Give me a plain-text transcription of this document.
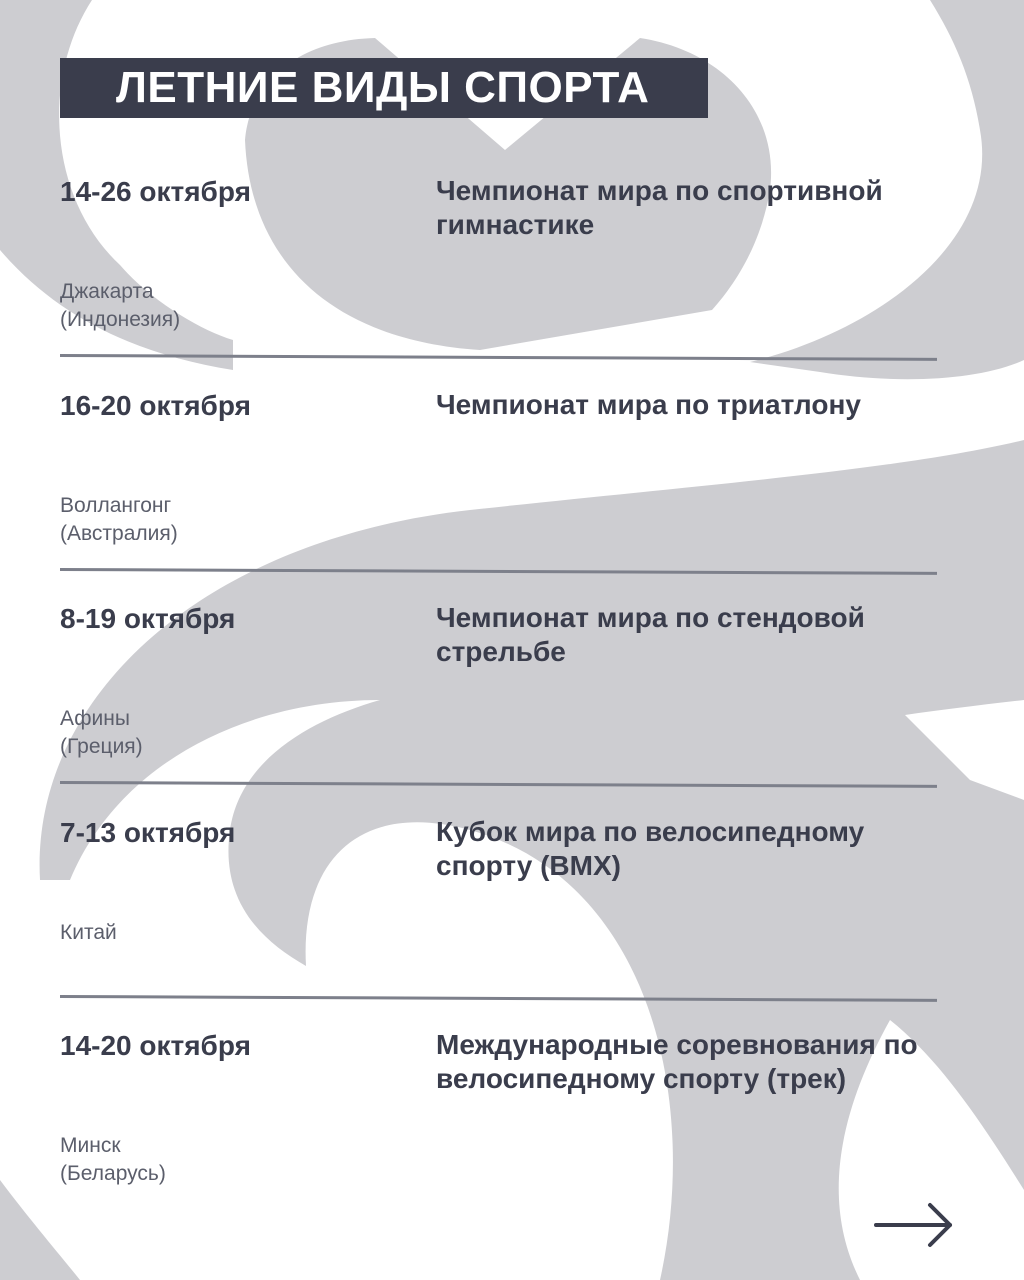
ЛЕТНИЕ ВИДЫ СПОРТА
14-26 октября	Чемпионат мира по спортивной гимнастике
Джакарта
(Индонезия)
16-20 октября	Чемпионат мира по триатлону
Воллангонг
(Австралия)
8-19 октября	Чемпионат мира по стендовой стрельбе
Афины
(Греция)
7-13 октября	Кубок мира по велосипедному спорту (BMX)
Китай
14-20 октября	Международные соревнования по велосипедному спорту (трек)
Минск
(Беларусь)
